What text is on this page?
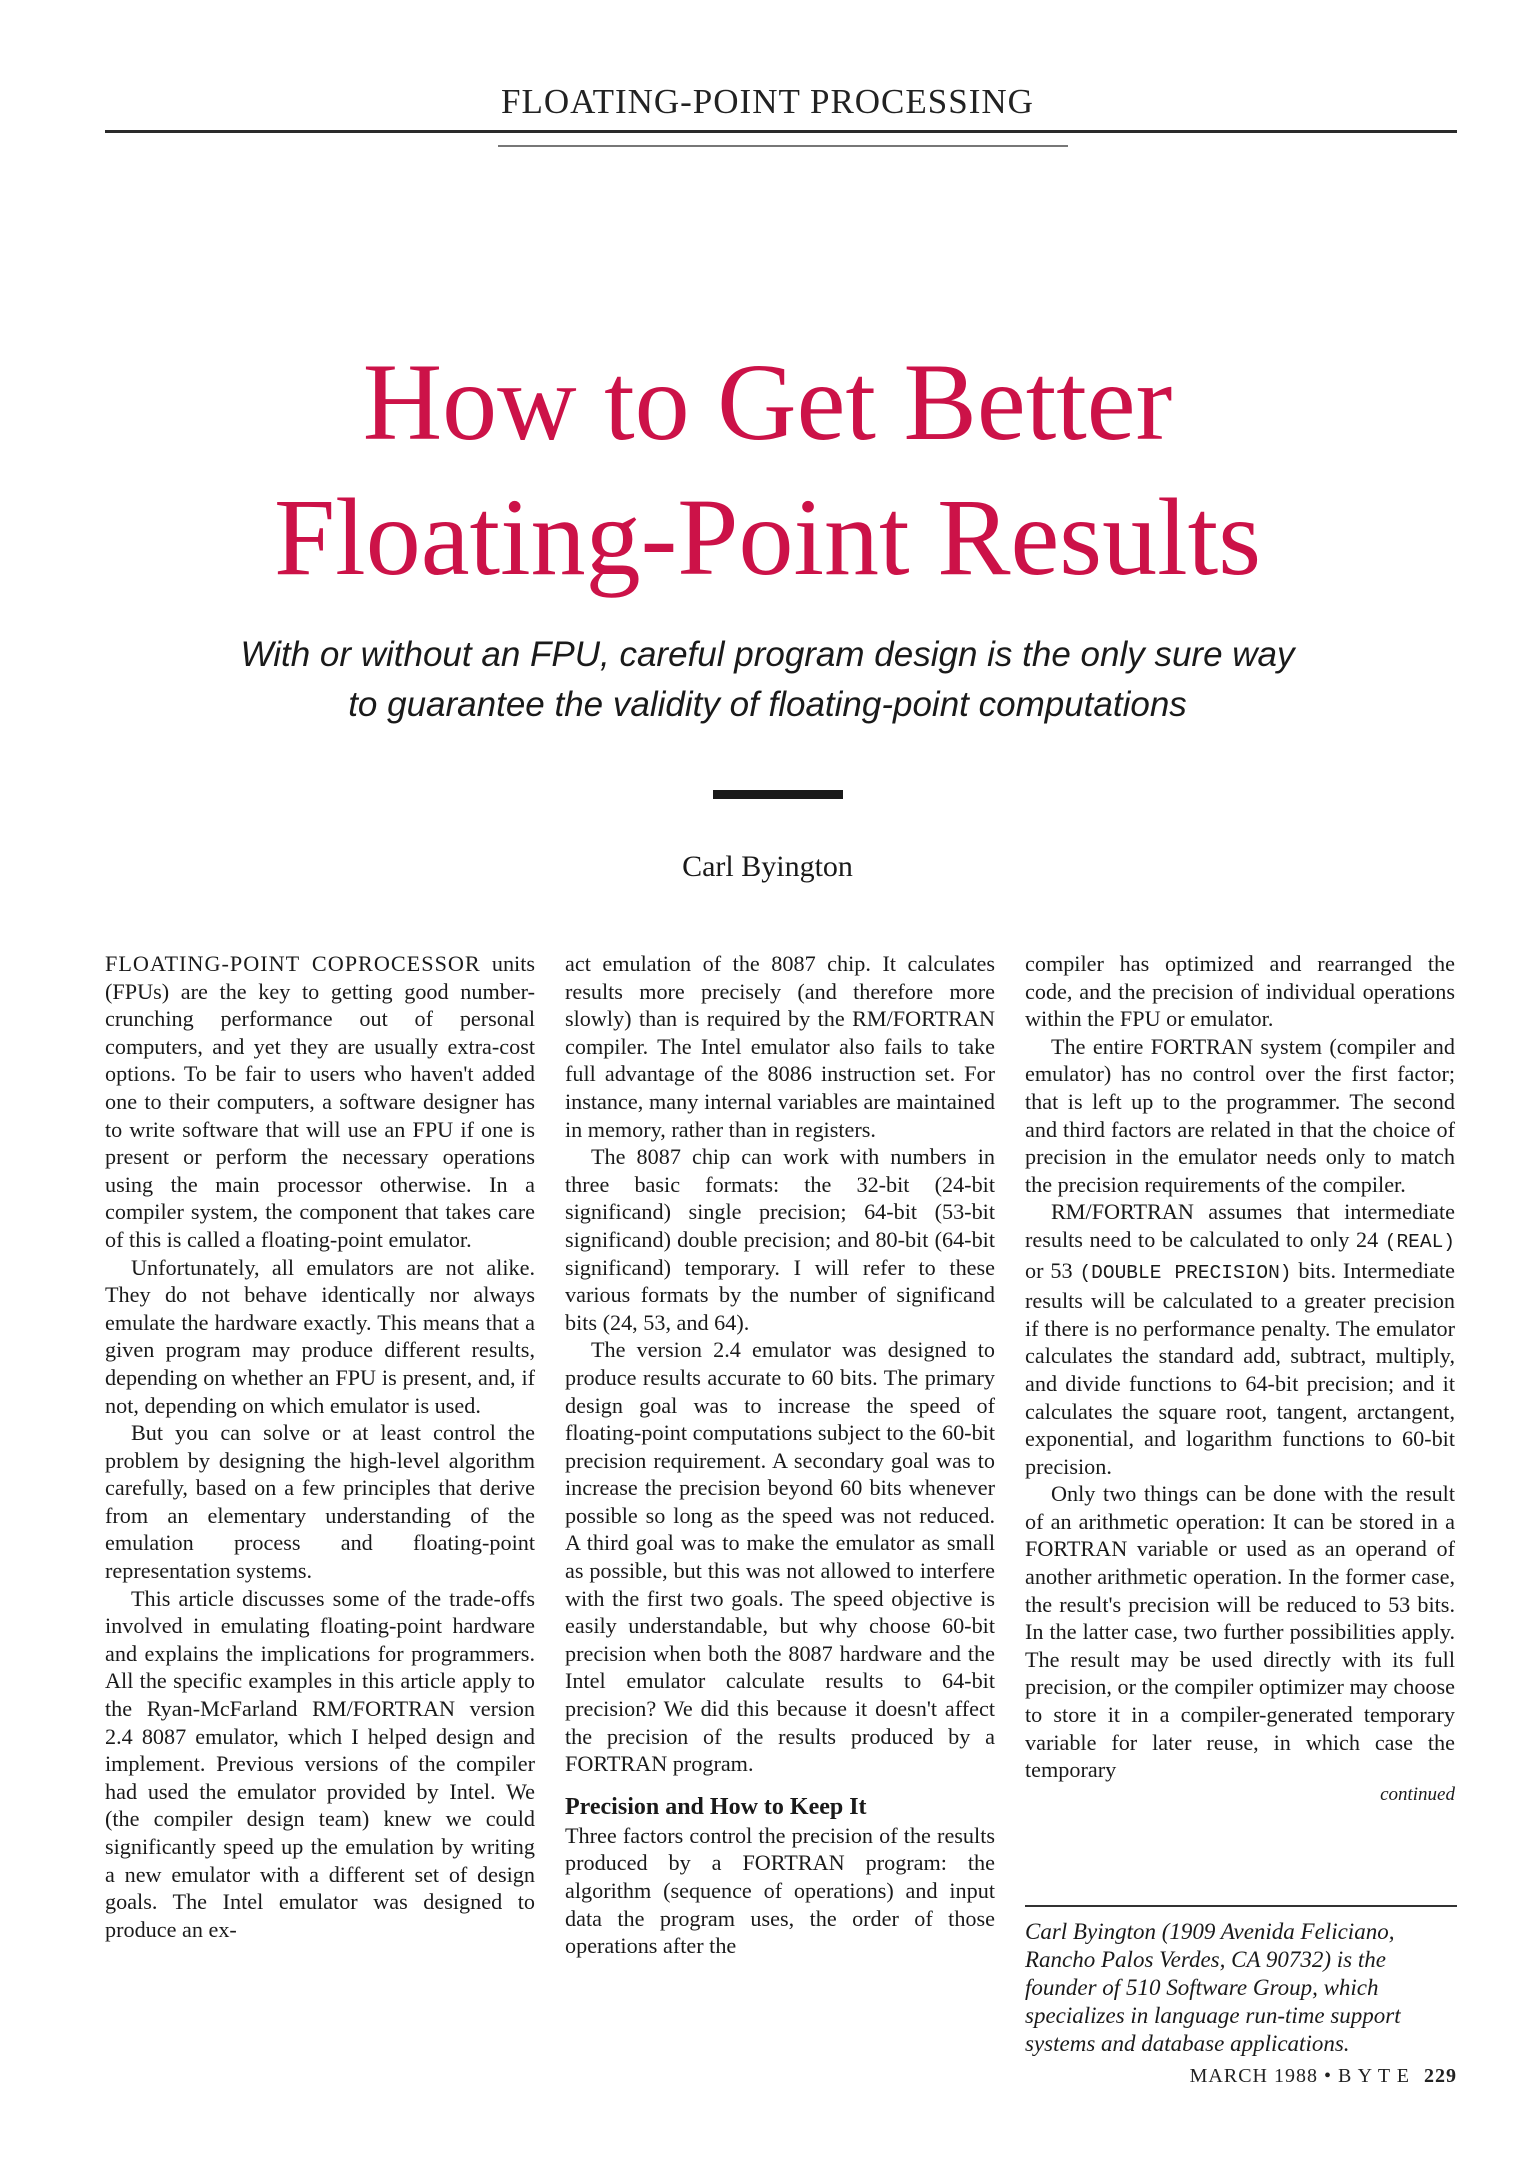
FLOATING-POINT PROCESSING
How to Get Better
Floating-Point Results
With or without an FPU, careful program design is the only sure way
to guarantee the validity of floating-point computations
Carl Byington

FLOATING-POINT COPROCESSOR units (FPUs) are the key to getting good number-crunching performance out of personal computers, and yet they are usually extra-cost options. To be fair to users who haven't added one to their computers, a software designer has to write software that will use an FPU if one is present or perform the necessary operations using the main processor otherwise. In a compiler system, the component that takes care of this is called a floating-point emulator.

Unfortunately, all emulators are not alike. They do not behave identically nor always emulate the hardware exactly. This means that a given program may produce different results, depending on whether an FPU is present, and, if not, depending on which emulator is used.

But you can solve or at least control the problem by designing the high-level algorithm carefully, based on a few principles that derive from an elementary understanding of the emulation process and floating-point representation systems.

This article discusses some of the trade-offs involved in emulating floating-point hardware and explains the implications for programmers. All the specific examples in this article apply to the Ryan-McFarland RM/FORTRAN version 2.4 8087 emulator, which I helped design and implement. Previous versions of the compiler had used the emulator provided by Intel. We (the compiler design team) knew we could significantly speed up the emulation by writing a new emulator with a different set of design goals. The Intel emulator was designed to produce an ex-

act emulation of the 8087 chip. It calculates results more precisely (and therefore more slowly) than is required by the RM/FORTRAN compiler. The Intel emulator also fails to take full advantage of the 8086 instruction set. For instance, many internal variables are maintained in memory, rather than in registers.

The 8087 chip can work with numbers in three basic formats: the 32-bit (24-bit significand) single precision; 64-bit (53-bit significand) double precision; and 80-bit (64-bit significand) temporary. I will refer to these various formats by the number of significand bits (24, 53, and 64).

The version 2.4 emulator was designed to produce results accurate to 60 bits. The primary design goal was to increase the speed of floating-point computations subject to the 60-bit precision requirement. A secondary goal was to increase the precision beyond 60 bits whenever possible so long as the speed was not reduced. A third goal was to make the emulator as small as possible, but this was not allowed to interfere with the first two goals. The speed objective is easily understandable, but why choose 60-bit precision when both the 8087 hardware and the Intel emulator calculate results to 64-bit precision? We did this because it doesn't affect the precision of the results produced by a FORTRAN program.

Precision and How to Keep It

Three factors control the precision of the results produced by a FORTRAN program: the algorithm (sequence of operations) and input data the program uses, the order of those operations after the

compiler has optimized and rearranged the code, and the precision of individual operations within the FPU or emulator.

The entire FORTRAN system (compiler and emulator) has no control over the first factor; that is left up to the programmer. The second and third factors are related in that the choice of precision in the emulator needs only to match the precision requirements of the compiler.

RM/FORTRAN assumes that intermediate results need to be calculated to only 24 (REAL) or 53 (DOUBLE PRECISION) bits. Intermediate results will be calculated to a greater precision if there is no performance penalty. The emulator calculates the standard add, subtract, multiply, and divide functions to 64-bit precision; and it calculates the square root, tangent, arctangent, exponential, and logarithm functions to 60-bit precision.

Only two things can be done with the result of an arithmetic operation: It can be stored in a FORTRAN variable or used as an operand of another arithmetic operation. In the former case, the result's precision will be reduced to 53 bits. In the latter case, two further possibilities apply. The result may be used directly with its full precision, or the compiler optimizer may choose to store it in a compiler-generated temporary variable for later reuse, in which case the temporary

continued

Carl Byington (1909 Avenida Feliciano, Rancho Palos Verdes, CA 90732) is the founder of 510 Software Group, which specializes in language run-time support systems and database applications.
MARCH 1988 • B Y T E 229
